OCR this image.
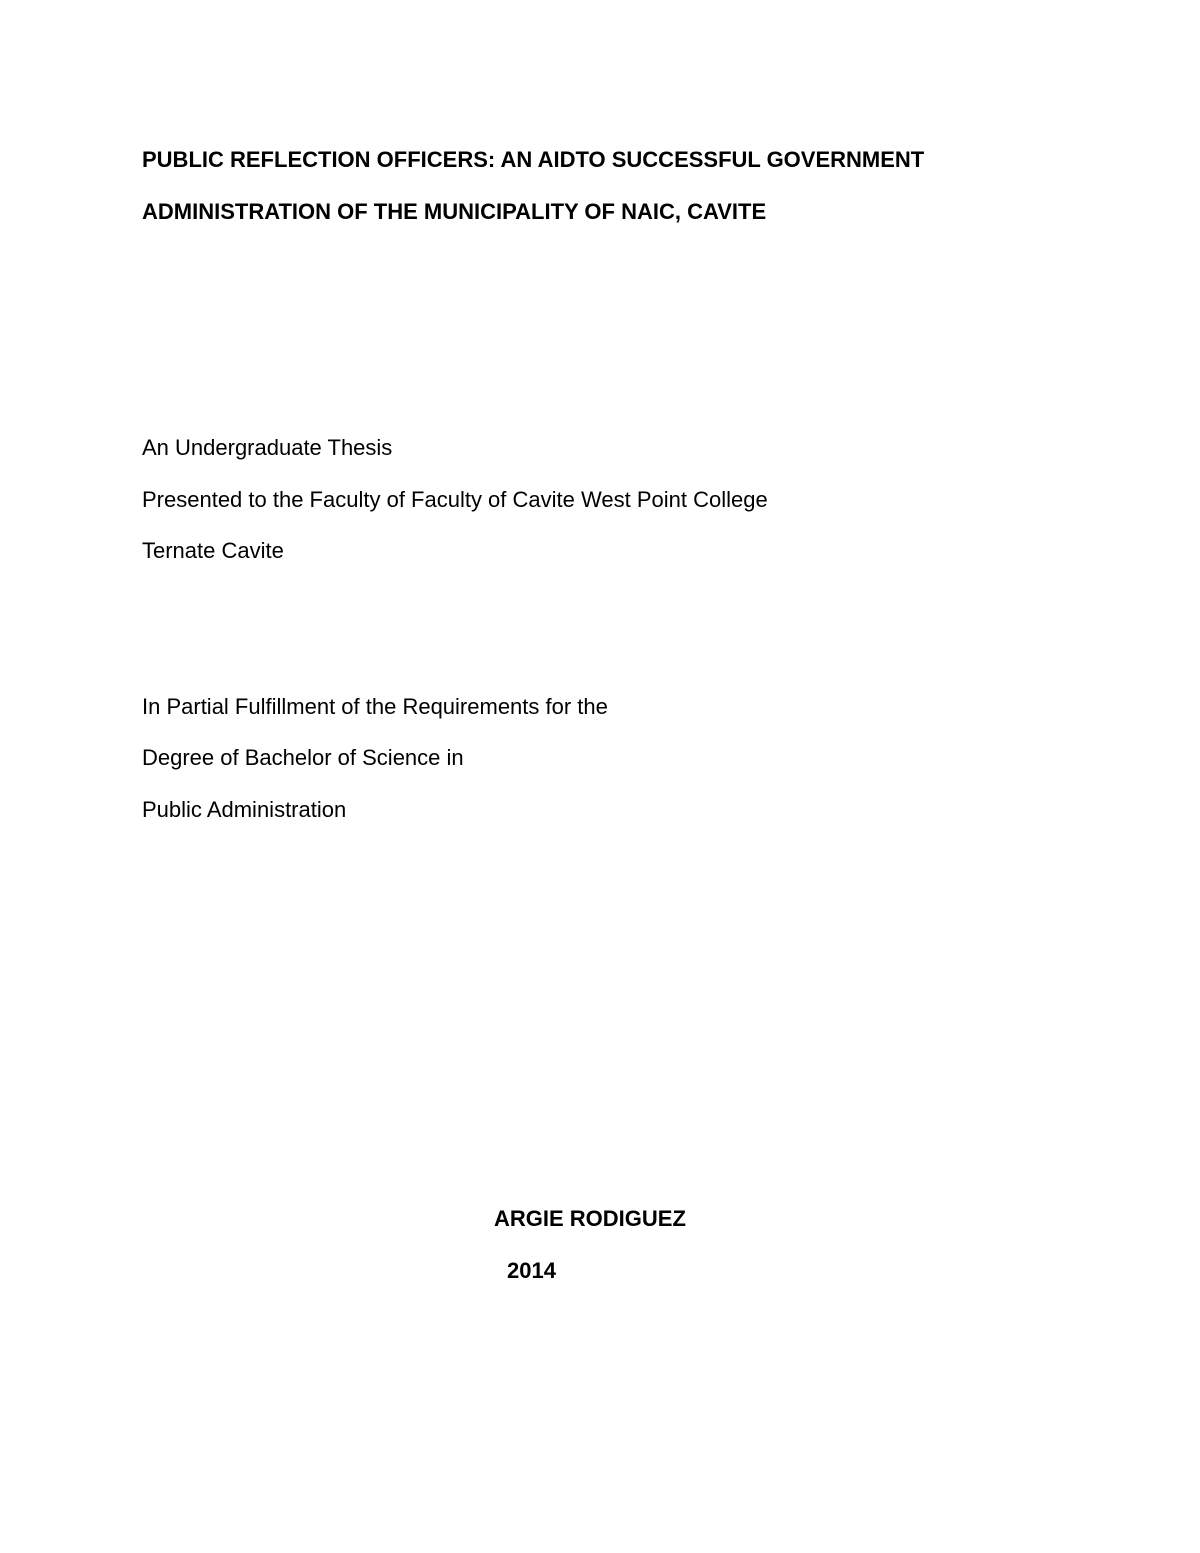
PUBLIC REFLECTION OFFICERS: AN AIDTO SUCCESSFUL GOVERNMENT
ADMINISTRATION OF THE MUNICIPALITY OF NAIC, CAVITE
An Undergraduate Thesis
Presented to the Faculty of Faculty of Cavite West Point College
Ternate Cavite
In Partial Fulfillment of the Requirements for the
Degree of Bachelor of Science in
Public Administration
ARGIE RODIGUEZ
2014
